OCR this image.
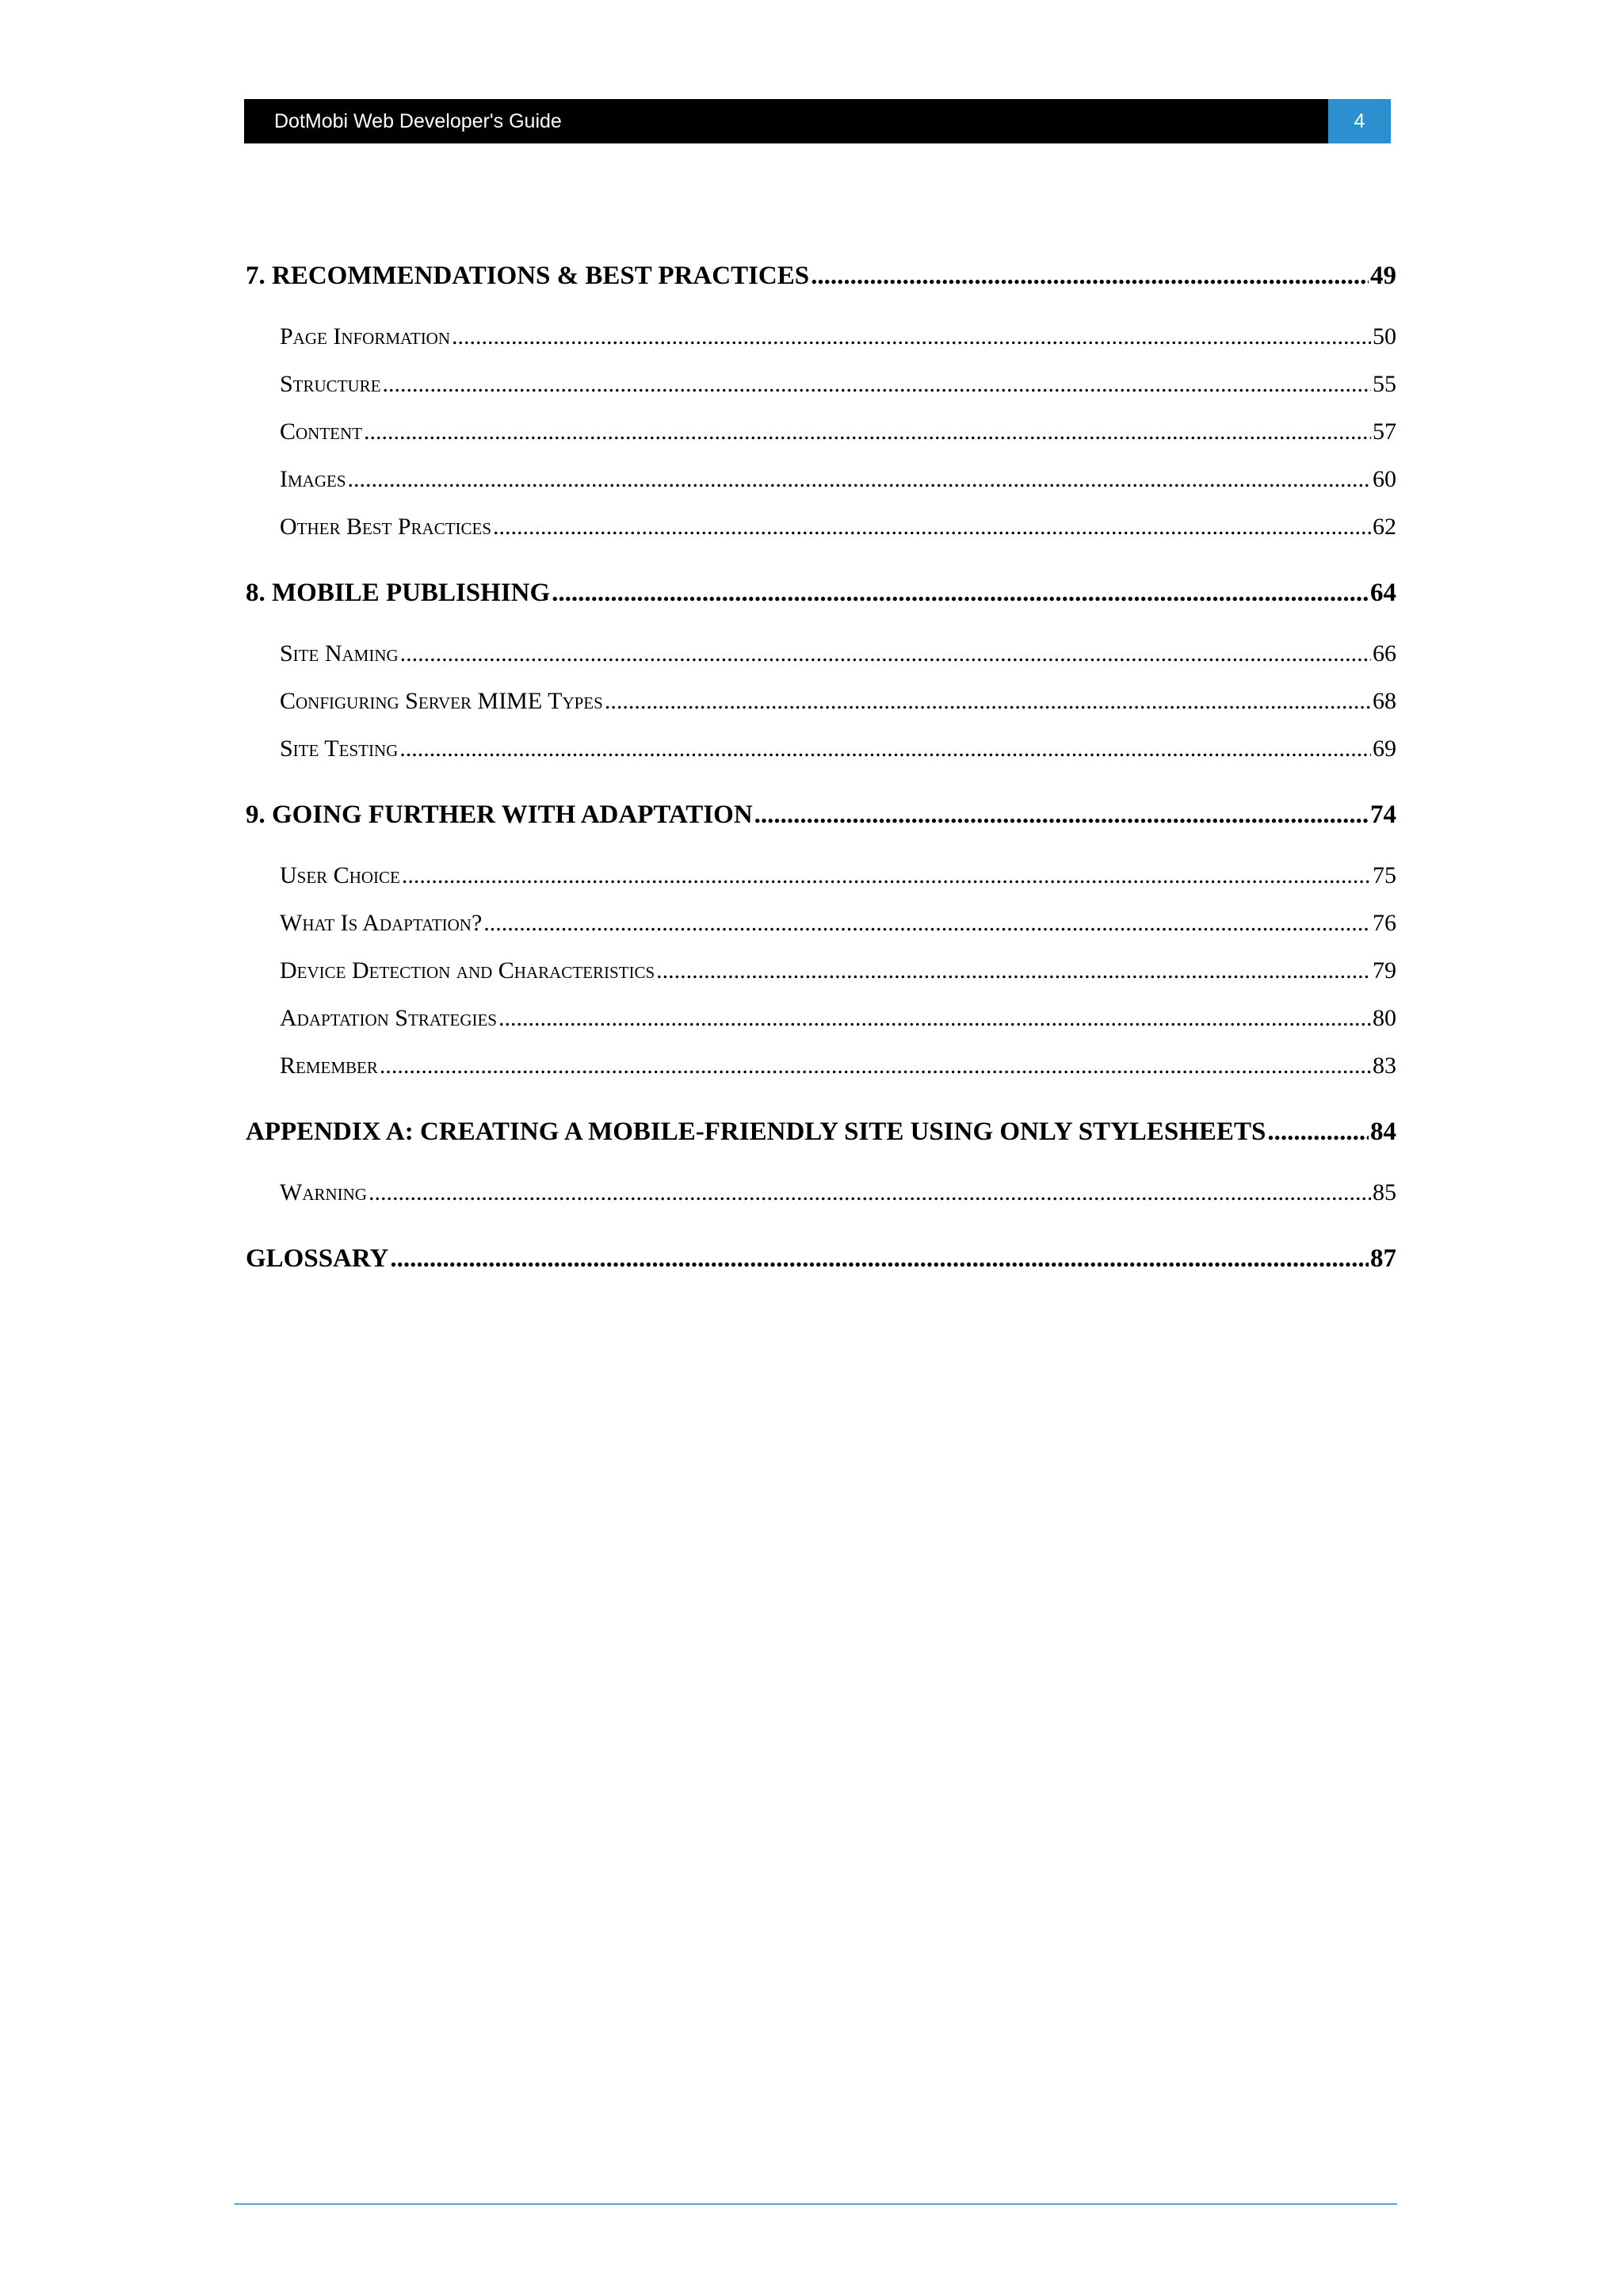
DotMobi Web Developer's Guide	4
7. RECOMMENDATIONS & BEST PRACTICES .....	49
Page Information .....	50
Structure .....	55
Content .....	57
Images .....	60
Other Best Practices .....	62
8. MOBILE PUBLISHING .....	64
Site Naming .....	66
Configuring Server MIME Types .....	68
Site Testing .....	69
9. GOING FURTHER WITH ADAPTATION .....	74
User Choice .....	75
What Is Adaptation? .....	76
Device Detection and Characteristics .....	79
Adaptation Strategies .....	80
Remember .....	83
APPENDIX A: CREATING A MOBILE-FRIENDLY SITE USING ONLY STYLESHEETS .....	84
Warning .....	85
GLOSSARY .....	87
